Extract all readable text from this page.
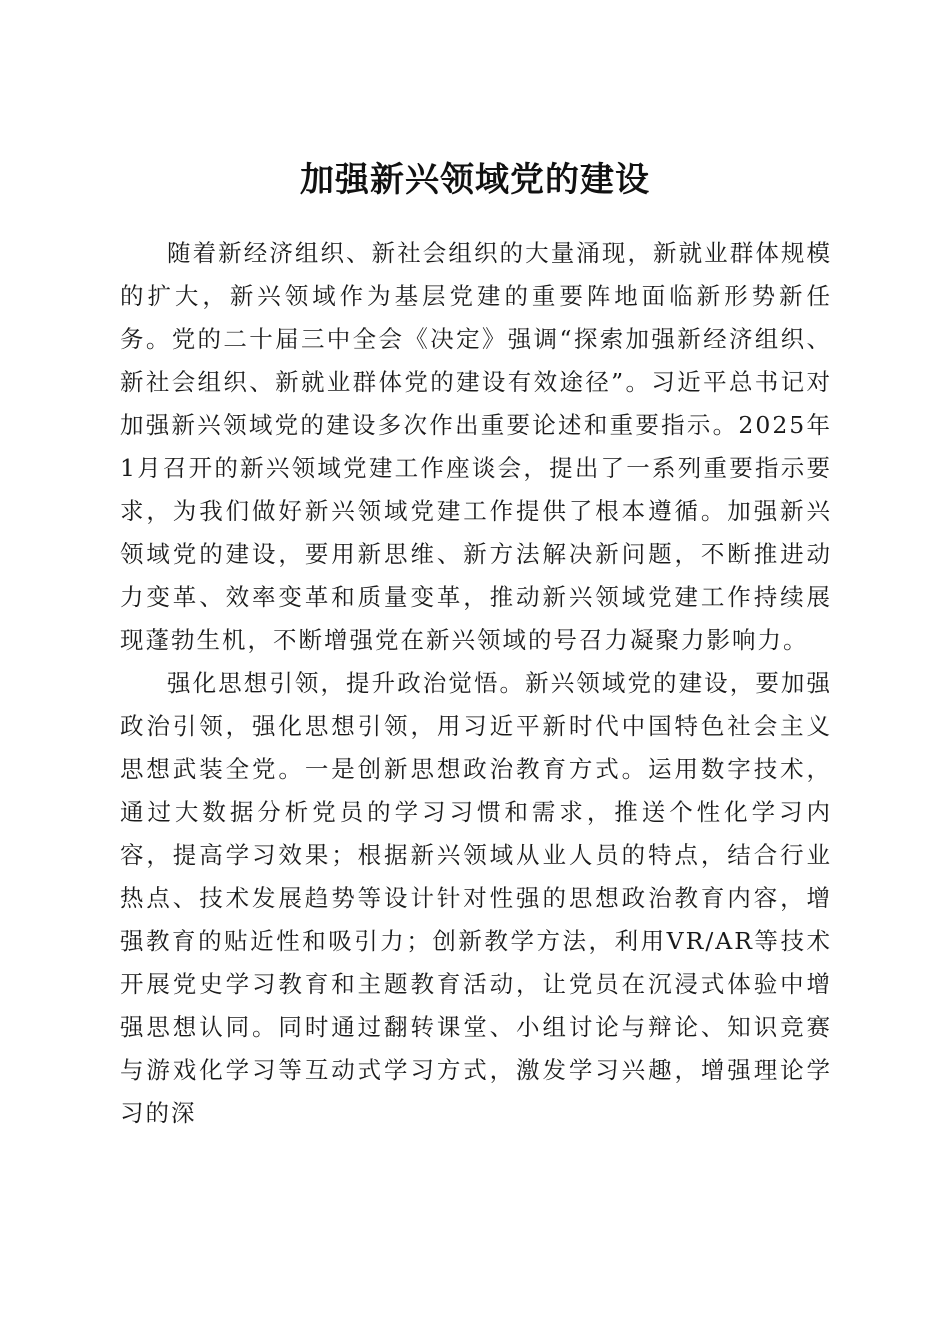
加强新兴领域党的建设

随着新经济组织、新社会组织的大量涌现，新就业群体规模的扩大，新兴领域作为基层党建的重要阵地面临新形势新任务。党的二十届三中全会《决定》强调“探索加强新经济组织、新社会组织、新就业群体党的建设有效途径”。习近平总书记对加强新兴领域党的建设多次作出重要论述和重要指示。2025年1月召开的新兴领域党建工作座谈会，提出了一系列重要指示要求，为我们做好新兴领域党建工作提供了根本遵循。加强新兴领域党的建设，要用新思维、新方法解决新问题，不断推进动力变革、效率变革和质量变革，推动新兴领域党建工作持续展现蓬勃生机，不断增强党在新兴领域的号召力凝聚力影响力。

强化思想引领，提升政治觉悟。新兴领域党的建设，要加强政治引领，强化思想引领，用习近平新时代中国特色社会主义思想武装全党。一是创新思想政治教育方式。运用数字技术，通过大数据分析党员的学习习惯和需求，推送个性化学习内容，提高学习效果；根据新兴领域从业人员的特点，结合行业热点、技术发展趋势等设计针对性强的思想政治教育内容，增强教育的贴近性和吸引力；创新教学方法，利用VR/AR等技术开展党史学习教育和主题教育活动，让党员在沉浸式体验中增强思想认同。同时通过翻转课堂、小组讨论与辩论、知识竞赛与游戏化学习等互动式学习方式，激发学习兴趣，增强理论学习的深
